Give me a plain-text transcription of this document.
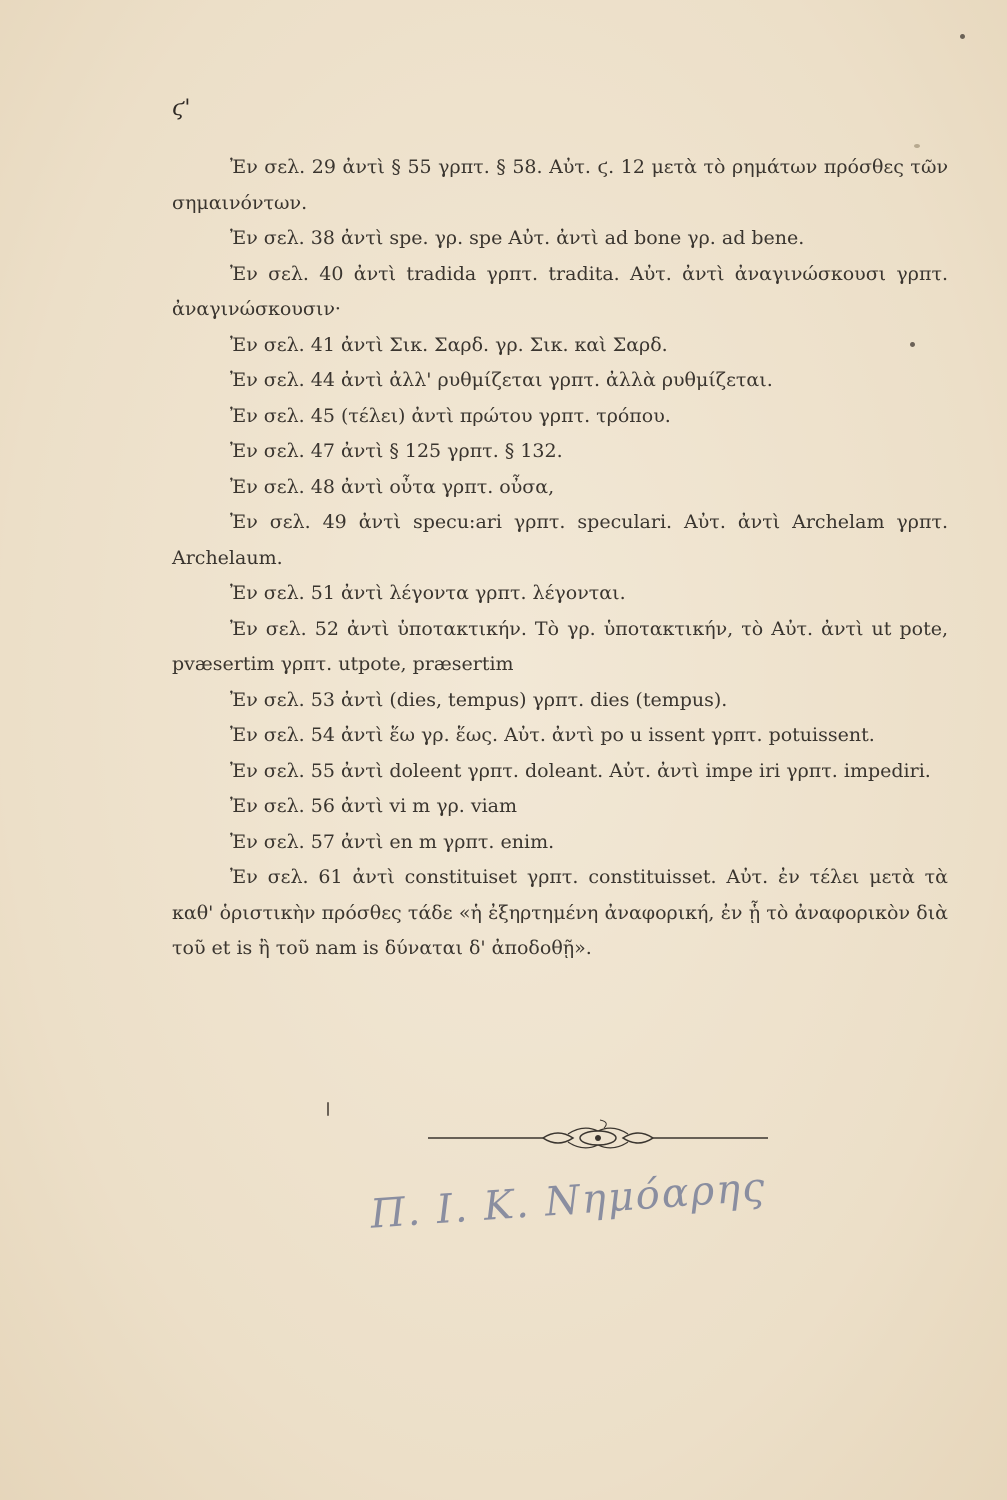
ϛ'

Ἐν σελ. 29 ἀντὶ § 55 γρπτ. § 58. Αὐτ. ϛ. 12 μετὰ τὸ ρημάτων πρόσθες τῶν σημαινόντων.

Ἐν σελ. 38 ἀντὶ spe. γρ. spe Αὐτ. ἀντὶ ad bone γρ. ad bene.

Ἐν σελ. 40 ἀντὶ tradida γρπτ. tradita. Αὐτ. ἀντὶ ἀναγινώσκουσι γρπτ. ἀναγινώσκουσιν·

Ἐν σελ. 41 ἀντὶ Σικ. Σαρδ. γρ. Σικ. καὶ Σαρδ.

Ἐν σελ. 44 ἀντὶ ἀλλ' ρυθμίζεται γρπτ. ἀλλὰ ρυθμίζεται.

Ἐν σελ. 45 (τέλει) ἀντὶ πρώτου γρπτ. τρόπου.

Ἐν σελ. 47 ἀντὶ § 125 γρπτ. § 132.

Ἐν σελ. 48 ἀντὶ οὖτα γρπτ. οὖσα,

Ἐν σελ. 49 ἀντὶ specu:ari γρπτ. speculari. Αὐτ. ἀντὶ Archelam γρπτ. Archelaum.

Ἐν σελ. 51 ἀντὶ λέγοντα γρπτ. λέγονται.

Ἐν σελ. 52 ἀντὶ ὑποτακτικήν. Τὸ γρ. ὑποτακτικήν, τὸ Αὐτ. ἀντὶ ut pote, pvæsertim γρπτ. utpote, præsertim

Ἐν σελ. 53 ἀντὶ (dies, tempus) γρπτ. dies (tempus).

Ἐν σελ. 54 ἀντὶ ἕω γρ. ἕως. Αὐτ. ἀντὶ po u issent γρπτ. potuissent.

Ἐν σελ. 55 ἀντὶ doleent γρπτ. doleant. Αὐτ. ἀντὶ impe iri γρπτ. impediri.

Ἐν σελ. 56 ἀντὶ vi m γρ. viam

Ἐν σελ. 57 ἀντὶ en m γρπτ. enim.

Ἐν σελ. 61 ἀντὶ constituiset γρπτ. constituisset. Αὐτ. ἐν τέλει μετὰ τὰ καθ' ὁριστικὴν πρόσθες τάδε «ἡ ἐξηρτημένη ἀναφορική, ἐν ᾗ τὸ ἀναφορικὸν διὰ τοῦ et is ἢ τοῦ nam is δύναται δ' ἀποδοθῇ».

Π. Ι. Κ. Νημόαρης
